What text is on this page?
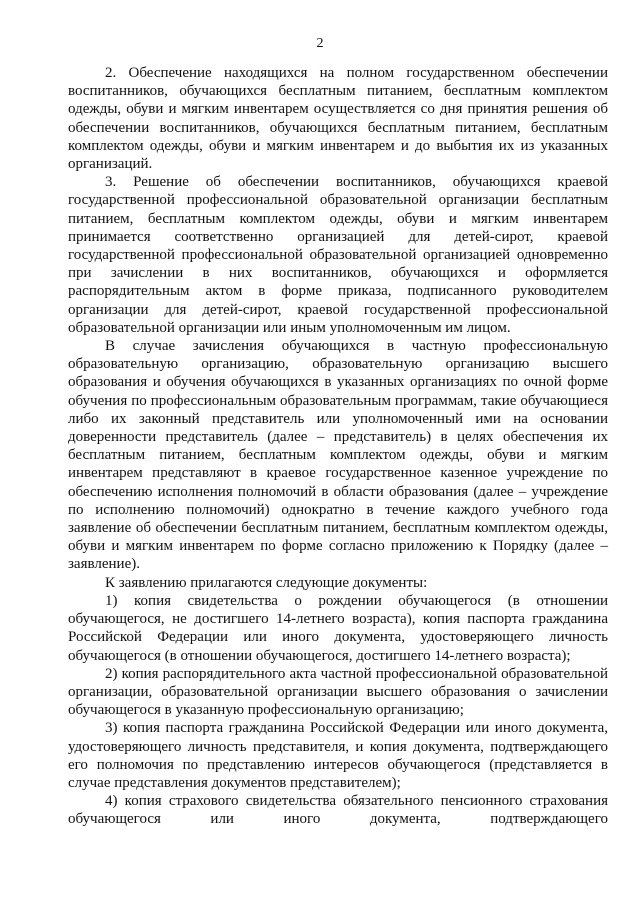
2

2. Обеспечение находящихся на полном государственном обеспечении воспитанников, обучающихся бесплатным питанием, бесплатным комплектом одежды, обуви и мягким инвентарем осуществляется со дня принятия решения об обеспечении воспитанников, обучающихся бесплатным питанием, бесплатным комплектом одежды, обуви и мягким инвентарем и до выбытия их из указанных организаций.

3. Решение об обеспечении воспитанников, обучающихся краевой государственной профессиональной образовательной организации бесплатным питанием, бесплатным комплектом одежды, обуви и мягким инвентарем принимается соответственно организацией для детей-сирот, краевой государственной профессиональной образовательной организацией одновременно при зачислении в них воспитанников, обучающихся и оформляется распорядительным актом в форме приказа, подписанного руководителем организации для детей-сирот, краевой государственной профессиональной образовательной организации или иным уполномоченным им лицом.

В случае зачисления обучающихся в частную профессиональную образовательную организацию, образовательную организацию высшего образования и обучения обучающихся в указанных организациях по очной форме обучения по профессиональным образовательным программам, такие обучающиеся либо их законный представитель или уполномоченный ими на основании доверенности представитель (далее – представитель) в целях обеспечения их бесплатным питанием, бесплатным комплектом одежды, обуви и мягким инвентарем представляют в краевое государственное казенное учреждение по обеспечению исполнения полномочий в области образования (далее – учреждение по исполнению полномочий) однократно в течение каждого учебного года заявление об обеспечении бесплатным питанием, бесплатным комплектом одежды, обуви и мягким инвентарем по форме согласно приложению к Порядку (далее – заявление).

К заявлению прилагаются следующие документы:

1) копия свидетельства о рождении обучающегося (в отношении обучающегося, не достигшего 14-летнего возраста), копия паспорта гражданина Российской Федерации или иного документа, удостоверяющего личность обучающегося (в отношении обучающегося, достигшего 14-летнего возраста);

2) копия распорядительного акта частной профессиональной образовательной организации, образовательной организации высшего образования о зачислении обучающегося в указанную профессиональную организацию;

3) копия паспорта гражданина Российской Федерации или иного документа, удостоверяющего личность представителя, и копия документа, подтверждающего его полномочия по представлению интересов обучающегося (представляется в случае представления документов представителем);

4) копия страхового свидетельства обязательного пенсионного страхования обучающегося или иного документа, подтверждающего
